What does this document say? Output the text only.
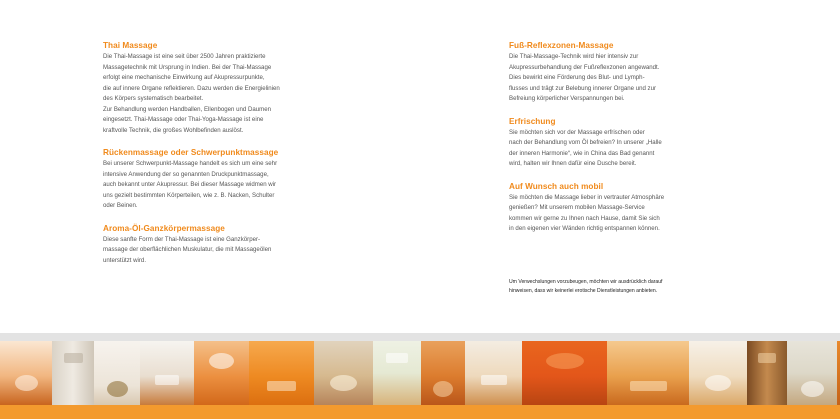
Thai Massage
Die Thai-Massage ist eine seit über 2500 Jahren praktizierte
Massagetechnik mit Ursprung in Indien. Bei der Thai-Massage
erfolgt eine mechanische Einwirkung auf Akupressurpunkte,
die auf innere Organe reflektieren. Dazu werden die Energielinien
des Körpers systematisch bearbeitet.
Zur Behandlung werden Handballen, Ellenbogen und Daumen
eingesetzt. Thai-Massage oder Thai-Yoga-Massage ist eine
kraftvolle Technik, die großes Wohlbefinden auslöst.
Rückenmassage oder Schwerpunktmassage
Bei unserer Schwerpunkt-Massage handelt es sich um eine sehr
intensive Anwendung der so genannten Druckpunktmassage,
auch bekannt unter Akupressur. Bei dieser Massage widmen wir
uns gezielt bestimmten Körperteilen, wie z. B. Nacken, Schulter
oder Beinen.
Aroma-Öl-Ganzkörpermassage
Diese sanfte Form der Thai-Massage ist eine Ganzkörper-
massage der oberflächlichen Muskulatur, die mit Massageölen
unterstützt wird.
Fuß-Reflexzonen-Massage
Die Thai-Massage-Technik wird hier intensiv zur
Akupressurbehandlung der Fußreflexzonen angewandt.
Dies bewirkt eine Förderung des Blut- und Lymph-
flusses und trägt zur Belebung innerer Organe und zur
Befreiung körperlicher Verspannungen bei.
Erfrischung
Sie möchten sich vor der Massage erfrischen oder
nach der Behandlung vom Öl befreien? In unserer „Halle
der inneren Harmonie“, wie in China das Bad genannt
wird, halten wir Ihnen dafür eine Dusche bereit.
Auf Wunsch auch mobil
Sie möchten die Massage lieber in vertrauter Atmosphäre
genießen? Mit unserem mobilen Massage-Service
kommen wir gerne zu Ihnen nach Hause, damit Sie sich
in den eigenen vier Wänden richtig entspannen können.
Um Verwechslungen vorzubeugen, möchten wir ausdrücklich darauf
hinweisen, dass wir keinerlei erotische Dienstleistungen anbieten.
